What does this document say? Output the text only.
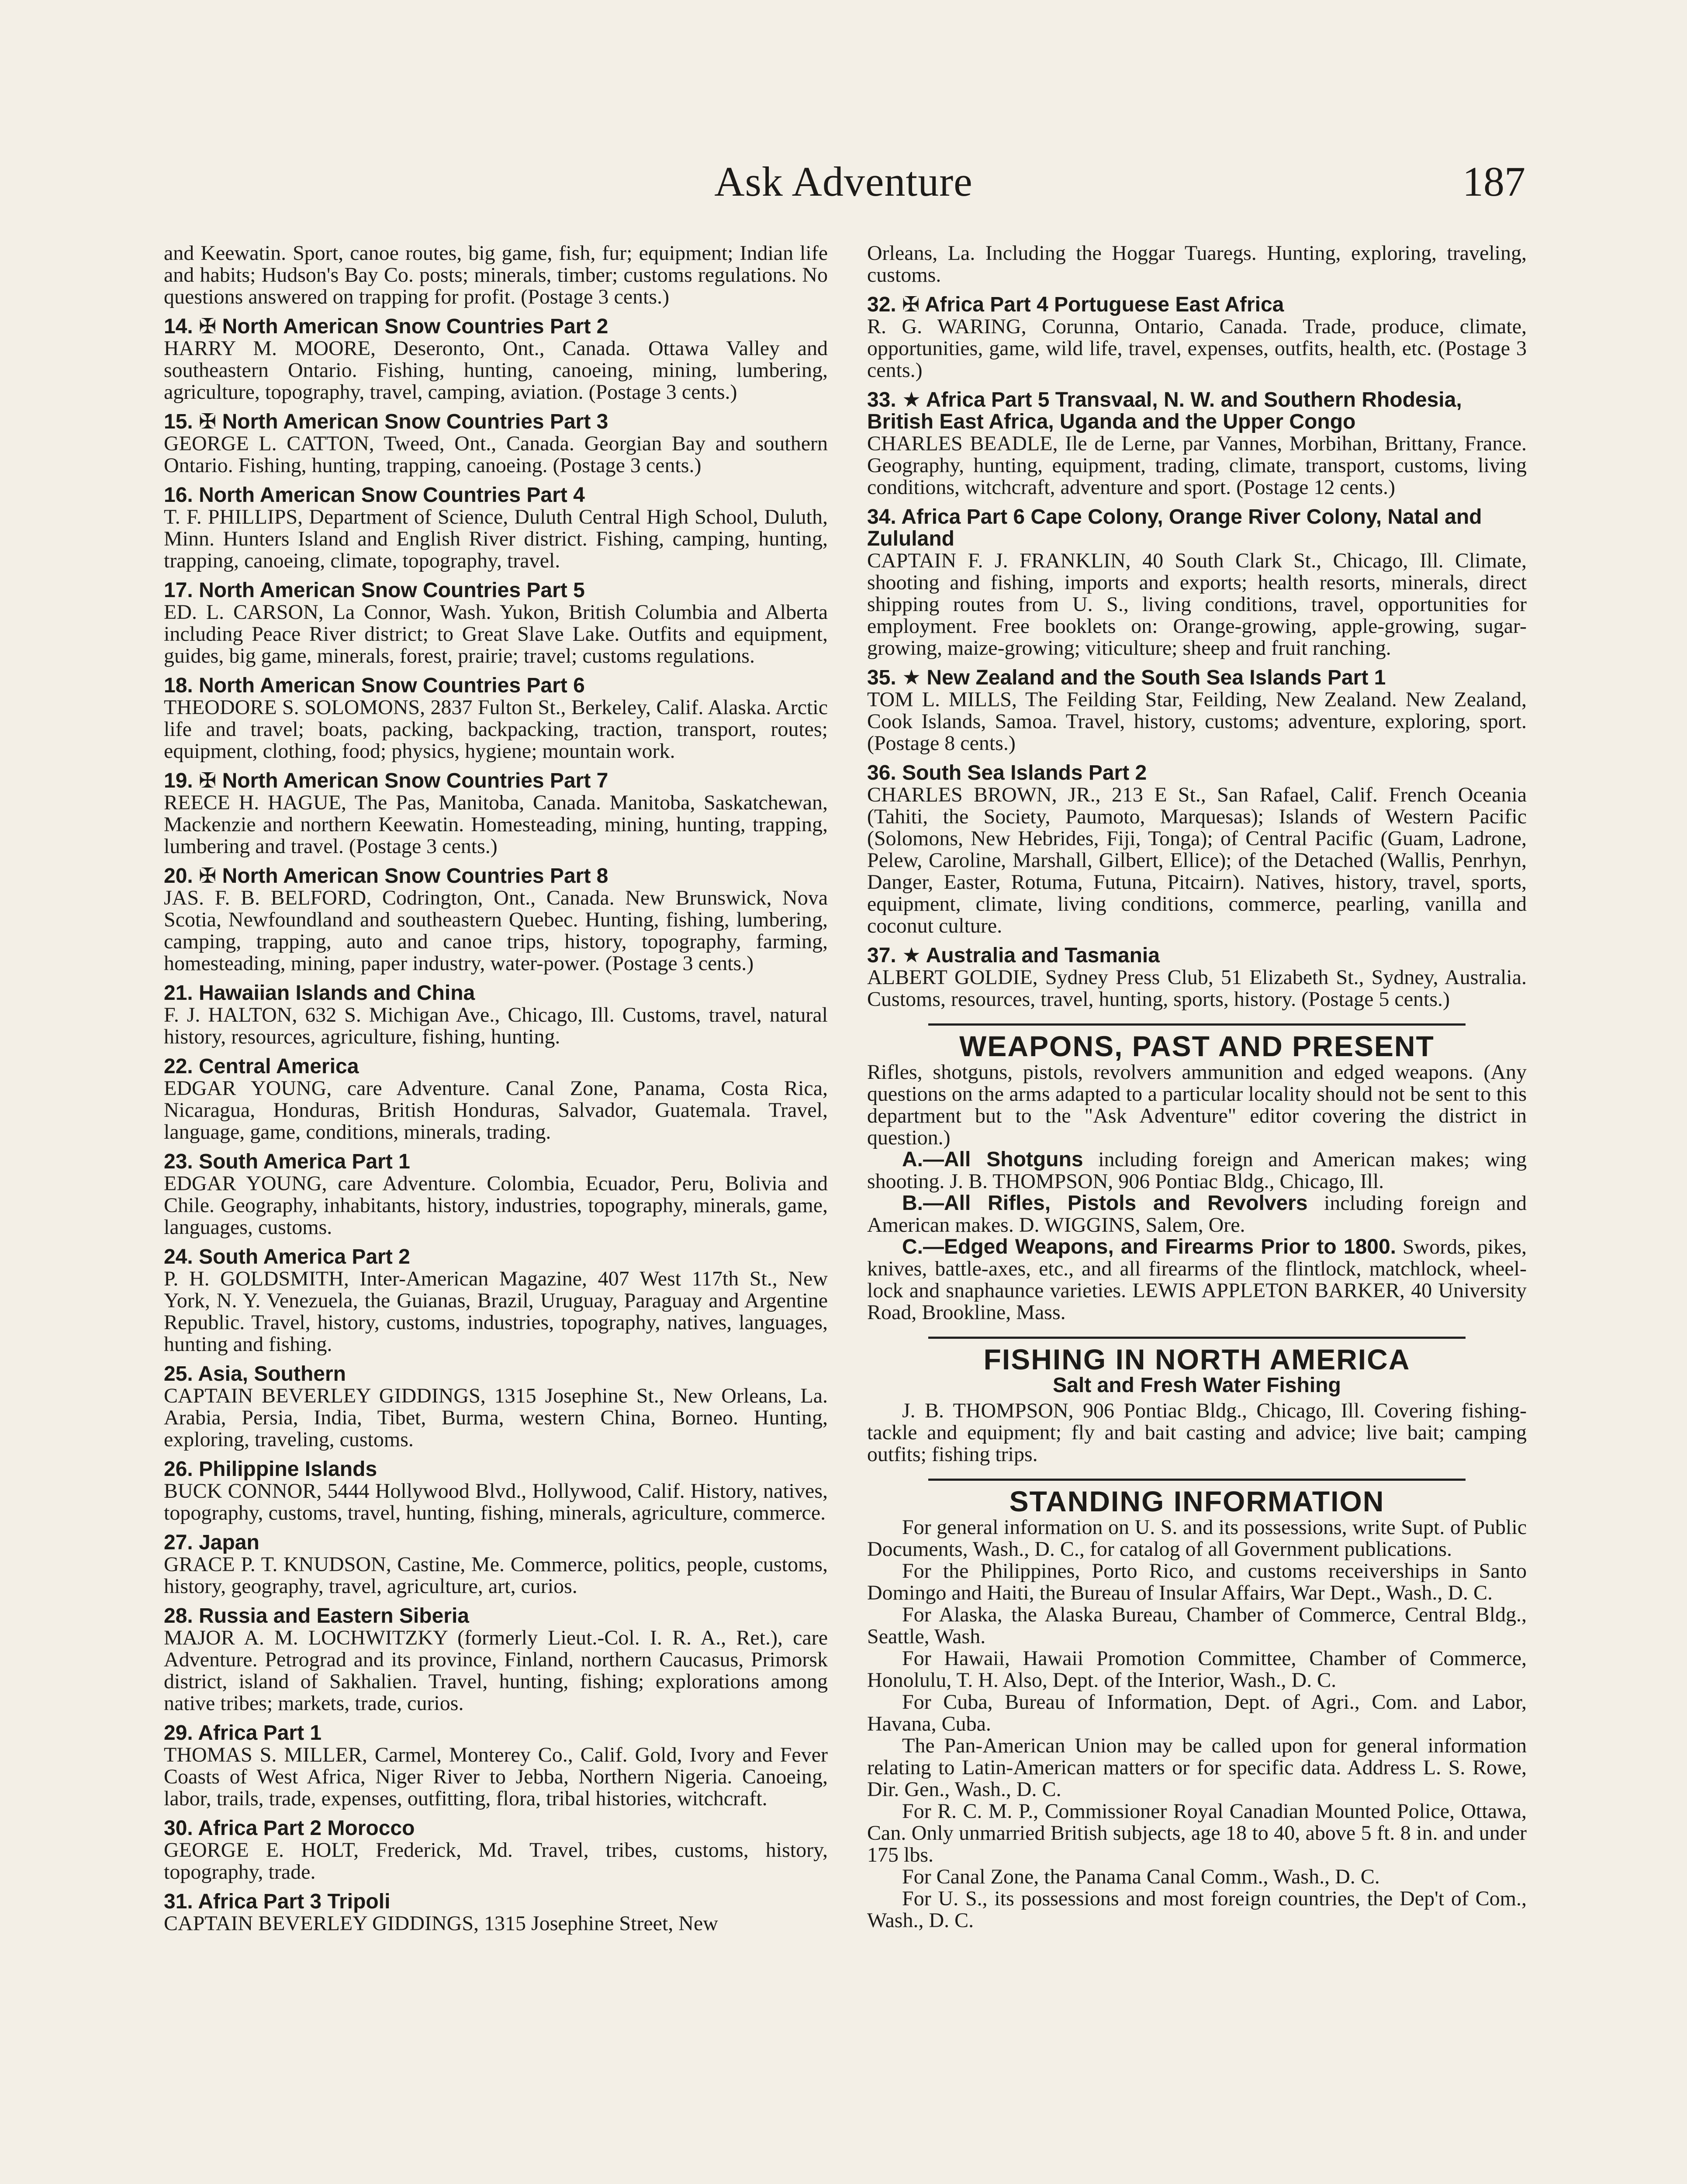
Ask Adventure	187
and Keewatin. Sport, canoe routes, big game, fish, fur; equipment; Indian life and habits; Hudson's Bay Co. posts; minerals, timber; customs regulations. No questions answered on trapping for profit. (Postage 3 cents.)
14. ✠ North American Snow Countries Part 2
HARRY M. MOORE, Deseronto, Ont., Canada. Ottawa Valley and southeastern Ontario. Fishing, hunting, canoeing, mining, lumbering, agriculture, topography, travel, camping, aviation. (Postage 3 cents.)
15. ✠ North American Snow Countries Part 3
GEORGE L. CATTON, Tweed, Ont., Canada. Georgian Bay and southern Ontario. Fishing, hunting, trapping, canoeing. (Postage 3 cents.)
16. North American Snow Countries Part 4
T. F. PHILLIPS, Department of Science, Duluth Central High School, Duluth, Minn. Hunters Island and English River district. Fishing, camping, hunting, trapping, canoeing, climate, topography, travel.
17. North American Snow Countries Part 5
ED. L. CARSON, La Connor, Wash. Yukon, British Columbia and Alberta including Peace River district; to Great Slave Lake. Outfits and equipment, guides, big game, minerals, forest, prairie; travel; customs regulations.
18. North American Snow Countries Part 6
THEODORE S. SOLOMONS, 2837 Fulton St., Berkeley, Calif. Alaska. Arctic life and travel; boats, packing, backpacking, traction, transport, routes; equipment, clothing, food; physics, hygiene; mountain work.
19. ✠ North American Snow Countries Part 7
REECE H. HAGUE, The Pas, Manitoba, Canada. Manitoba, Saskatchewan, Mackenzie and northern Keewatin. Homesteading, mining, hunting, trapping, lumbering and travel. (Postage 3 cents.)
20. ✠ North American Snow Countries Part 8
JAS. F. B. BELFORD, Codrington, Ont., Canada. New Brunswick, Nova Scotia, Newfoundland and southeastern Quebec. Hunting, fishing, lumbering, camping, trapping, auto and canoe trips, history, topography, farming, homesteading, mining, paper industry, water-power. (Postage 3 cents.)
21. Hawaiian Islands and China
F. J. HALTON, 632 S. Michigan Ave., Chicago, Ill. Customs, travel, natural history, resources, agriculture, fishing, hunting.
22. Central America
EDGAR YOUNG, care Adventure. Canal Zone, Panama, Costa Rica, Nicaragua, Honduras, British Honduras, Salvador, Guatemala. Travel, language, game, conditions, minerals, trading.
23. South America Part 1
EDGAR YOUNG, care Adventure. Colombia, Ecuador, Peru, Bolivia and Chile. Geography, inhabitants, history, industries, topography, minerals, game, languages, customs.
24. South America Part 2
P. H. GOLDSMITH, Inter-American Magazine, 407 West 117th St., New York, N. Y. Venezuela, the Guianas, Brazil, Uruguay, Paraguay and Argentine Republic. Travel, history, customs, industries, topography, natives, languages, hunting and fishing.
25. Asia, Southern
CAPTAIN BEVERLEY GIDDINGS, 1315 Josephine St., New Orleans, La. Arabia, Persia, India, Tibet, Burma, western China, Borneo. Hunting, exploring, traveling, customs.
26. Philippine Islands
BUCK CONNOR, 5444 Hollywood Blvd., Hollywood, Calif. History, natives, topography, customs, travel, hunting, fishing, minerals, agriculture, commerce.
27. Japan
GRACE P. T. KNUDSON, Castine, Me. Commerce, politics, people, customs, history, geography, travel, agriculture, art, curios.
28. Russia and Eastern Siberia
MAJOR A. M. LOCHWITZKY (formerly Lieut.-Col. I. R. A., Ret.), care Adventure. Petrograd and its province, Finland, northern Caucasus, Primorsk district, island of Sakhalien. Travel, hunting, fishing; explorations among native tribes; markets, trade, curios.
29. Africa Part 1
THOMAS S. MILLER, Carmel, Monterey Co., Calif. Gold, Ivory and Fever Coasts of West Africa, Niger River to Jebba, Northern Nigeria. Canoeing, labor, trails, trade, expenses, outfitting, flora, tribal histories, witchcraft.
30. Africa Part 2 Morocco
GEORGE E. HOLT, Frederick, Md. Travel, tribes, customs, history, topography, trade.
31. Africa Part 3 Tripoli
CAPTAIN BEVERLEY GIDDINGS, 1315 Josephine Street, New
Orleans, La. Including the Hoggar Tuaregs. Hunting, exploring, traveling, customs.
32. ✠ Africa Part 4 Portuguese East Africa
R. G. WARING, Corunna, Ontario, Canada. Trade, produce, climate, opportunities, game, wild life, travel, expenses, outfits, health, etc. (Postage 3 cents.)
33. ★ Africa Part 5 Transvaal, N. W. and Southern Rhodesia, British East Africa, Uganda and the Upper Congo
CHARLES BEADLE, Ile de Lerne, par Vannes, Morbihan, Brittany, France. Geography, hunting, equipment, trading, climate, transport, customs, living conditions, witchcraft, adventure and sport. (Postage 12 cents.)
34. Africa Part 6 Cape Colony, Orange River Colony, Natal and Zululand
CAPTAIN F. J. FRANKLIN, 40 South Clark St., Chicago, Ill. Climate, shooting and fishing, imports and exports; health resorts, minerals, direct shipping routes from U. S., living conditions, travel, opportunities for employment. Free booklets on: Orange-growing, apple-growing, sugar-growing, maize-growing; viticulture; sheep and fruit ranching.
35. ★ New Zealand and the South Sea Islands Part 1
TOM L. MILLS, The Feilding Star, Feilding, New Zealand. New Zealand, Cook Islands, Samoa. Travel, history, customs; adventure, exploring, sport. (Postage 8 cents.)
36. South Sea Islands Part 2
CHARLES BROWN, JR., 213 E St., San Rafael, Calif. French Oceania (Tahiti, the Society, Paumoto, Marquesas); Islands of Western Pacific (Solomons, New Hebrides, Fiji, Tonga); of Central Pacific (Guam, Ladrone, Pelew, Caroline, Marshall, Gilbert, Ellice); of the Detached (Wallis, Penrhyn, Danger, Easter, Rotuma, Futuna, Pitcairn). Natives, history, travel, sports, equipment, climate, living conditions, commerce, pearling, vanilla and coconut culture.
37. ★ Australia and Tasmania
ALBERT GOLDIE, Sydney Press Club, 51 Elizabeth St., Sydney, Australia. Customs, resources, travel, hunting, sports, history. (Postage 5 cents.)
WEAPONS, PAST AND PRESENT

Rifles, shotguns, pistols, revolvers ammunition and edged weapons. (Any questions on the arms adapted to a particular locality should not be sent to this department but to the "Ask Adventure" editor covering the district in question.)

A.—All Shotguns including foreign and American makes; wing shooting. J. B. THOMPSON, 906 Pontiac Bldg., Chicago, Ill.

B.—All Rifles, Pistols and Revolvers including foreign and American makes. D. WIGGINS, Salem, Ore.

C.—Edged Weapons, and Firearms Prior to 1800. Swords, pikes, knives, battle-axes, etc., and all firearms of the flintlock, matchlock, wheel-lock and snaphaunce varieties. LEWIS APPLETON BARKER, 40 University Road, Brookline, Mass.

FISHING IN NORTH AMERICA
Salt and Fresh Water Fishing

J. B. THOMPSON, 906 Pontiac Bldg., Chicago, Ill. Covering fishing-tackle and equipment; fly and bait casting and advice; live bait; camping outfits; fishing trips.

STANDING INFORMATION

For general information on U. S. and its possessions, write Supt. of Public Documents, Wash., D. C., for catalog of all Government publications.

For the Philippines, Porto Rico, and customs receiverships in Santo Domingo and Haiti, the Bureau of Insular Affairs, War Dept., Wash., D. C.

For Alaska, the Alaska Bureau, Chamber of Commerce, Central Bldg., Seattle, Wash.

For Hawaii, Hawaii Promotion Committee, Chamber of Commerce, Honolulu, T. H. Also, Dept. of the Interior, Wash., D. C.

For Cuba, Bureau of Information, Dept. of Agri., Com. and Labor, Havana, Cuba.

The Pan-American Union may be called upon for general information relating to Latin-American matters or for specific data. Address L. S. Rowe, Dir. Gen., Wash., D. C.

For R. C. M. P., Commissioner Royal Canadian Mounted Police, Ottawa, Can. Only unmarried British subjects, age 18 to 40, above 5 ft. 8 in. and under 175 lbs.

For Canal Zone, the Panama Canal Comm., Wash., D. C.

For U. S., its possessions and most foreign countries, the Dep't of Com., Wash., D. C.
